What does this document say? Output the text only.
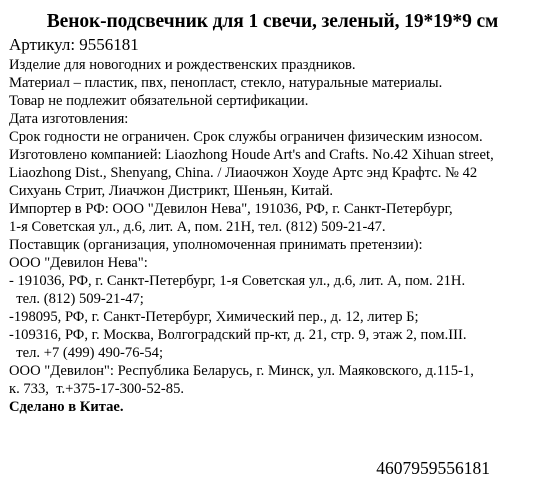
Венок-подсвечник для 1 свечи, зеленый, 19*19*9 см
Артикул: 9556181
Изделие для новогодних и рождественских праздников.
Материал – пластик, пвх, пенопласт, стекло, натуральные материалы.
Товар не подлежит обязательной сертификации.
Дата изготовления:
Срок годности не ограничен. Срок службы ограничен физическим износом.
Изготовлено компанией: Liaozhong Houde Art's and Crafts. No.42 Xihuan street,
Liaozhong Dist., Shenyang, China. / Лиаочжон Хоуде Артс энд Крафтс. № 42
Сихуань Стрит, Лиачжон Дистрикт, Шеньян, Китай.
Импортер в РФ: ООО "Девилон Нева", 191036, РФ, г. Санкт-Петербург,
1-я Советская ул., д.6, лит. А, пом. 21Н, тел. (812) 509-21-47.
Поставщик (организация, уполномоченная принимать претензии):
ООО "Девилон Нева":
- 191036, РФ, г. Санкт-Петербург, 1-я Советская ул., д.6, лит. А, пом. 21Н.
тел. (812) 509-21-47;
-198095, РФ, г. Санкт-Петербург, Химический пер., д. 12, литер Б;
-109316, РФ, г. Москва, Волгоградский пр-кт, д. 21, стр. 9, этаж 2, пом.III.
тел. +7 (499) 490-76-54;
ООО "Девилон": Республика Беларусь, г. Минск, ул. Маяковского, д.115-1,
к. 733,  т.+375-17-300-52-85.
Сделано в Китае.
4607959556181
